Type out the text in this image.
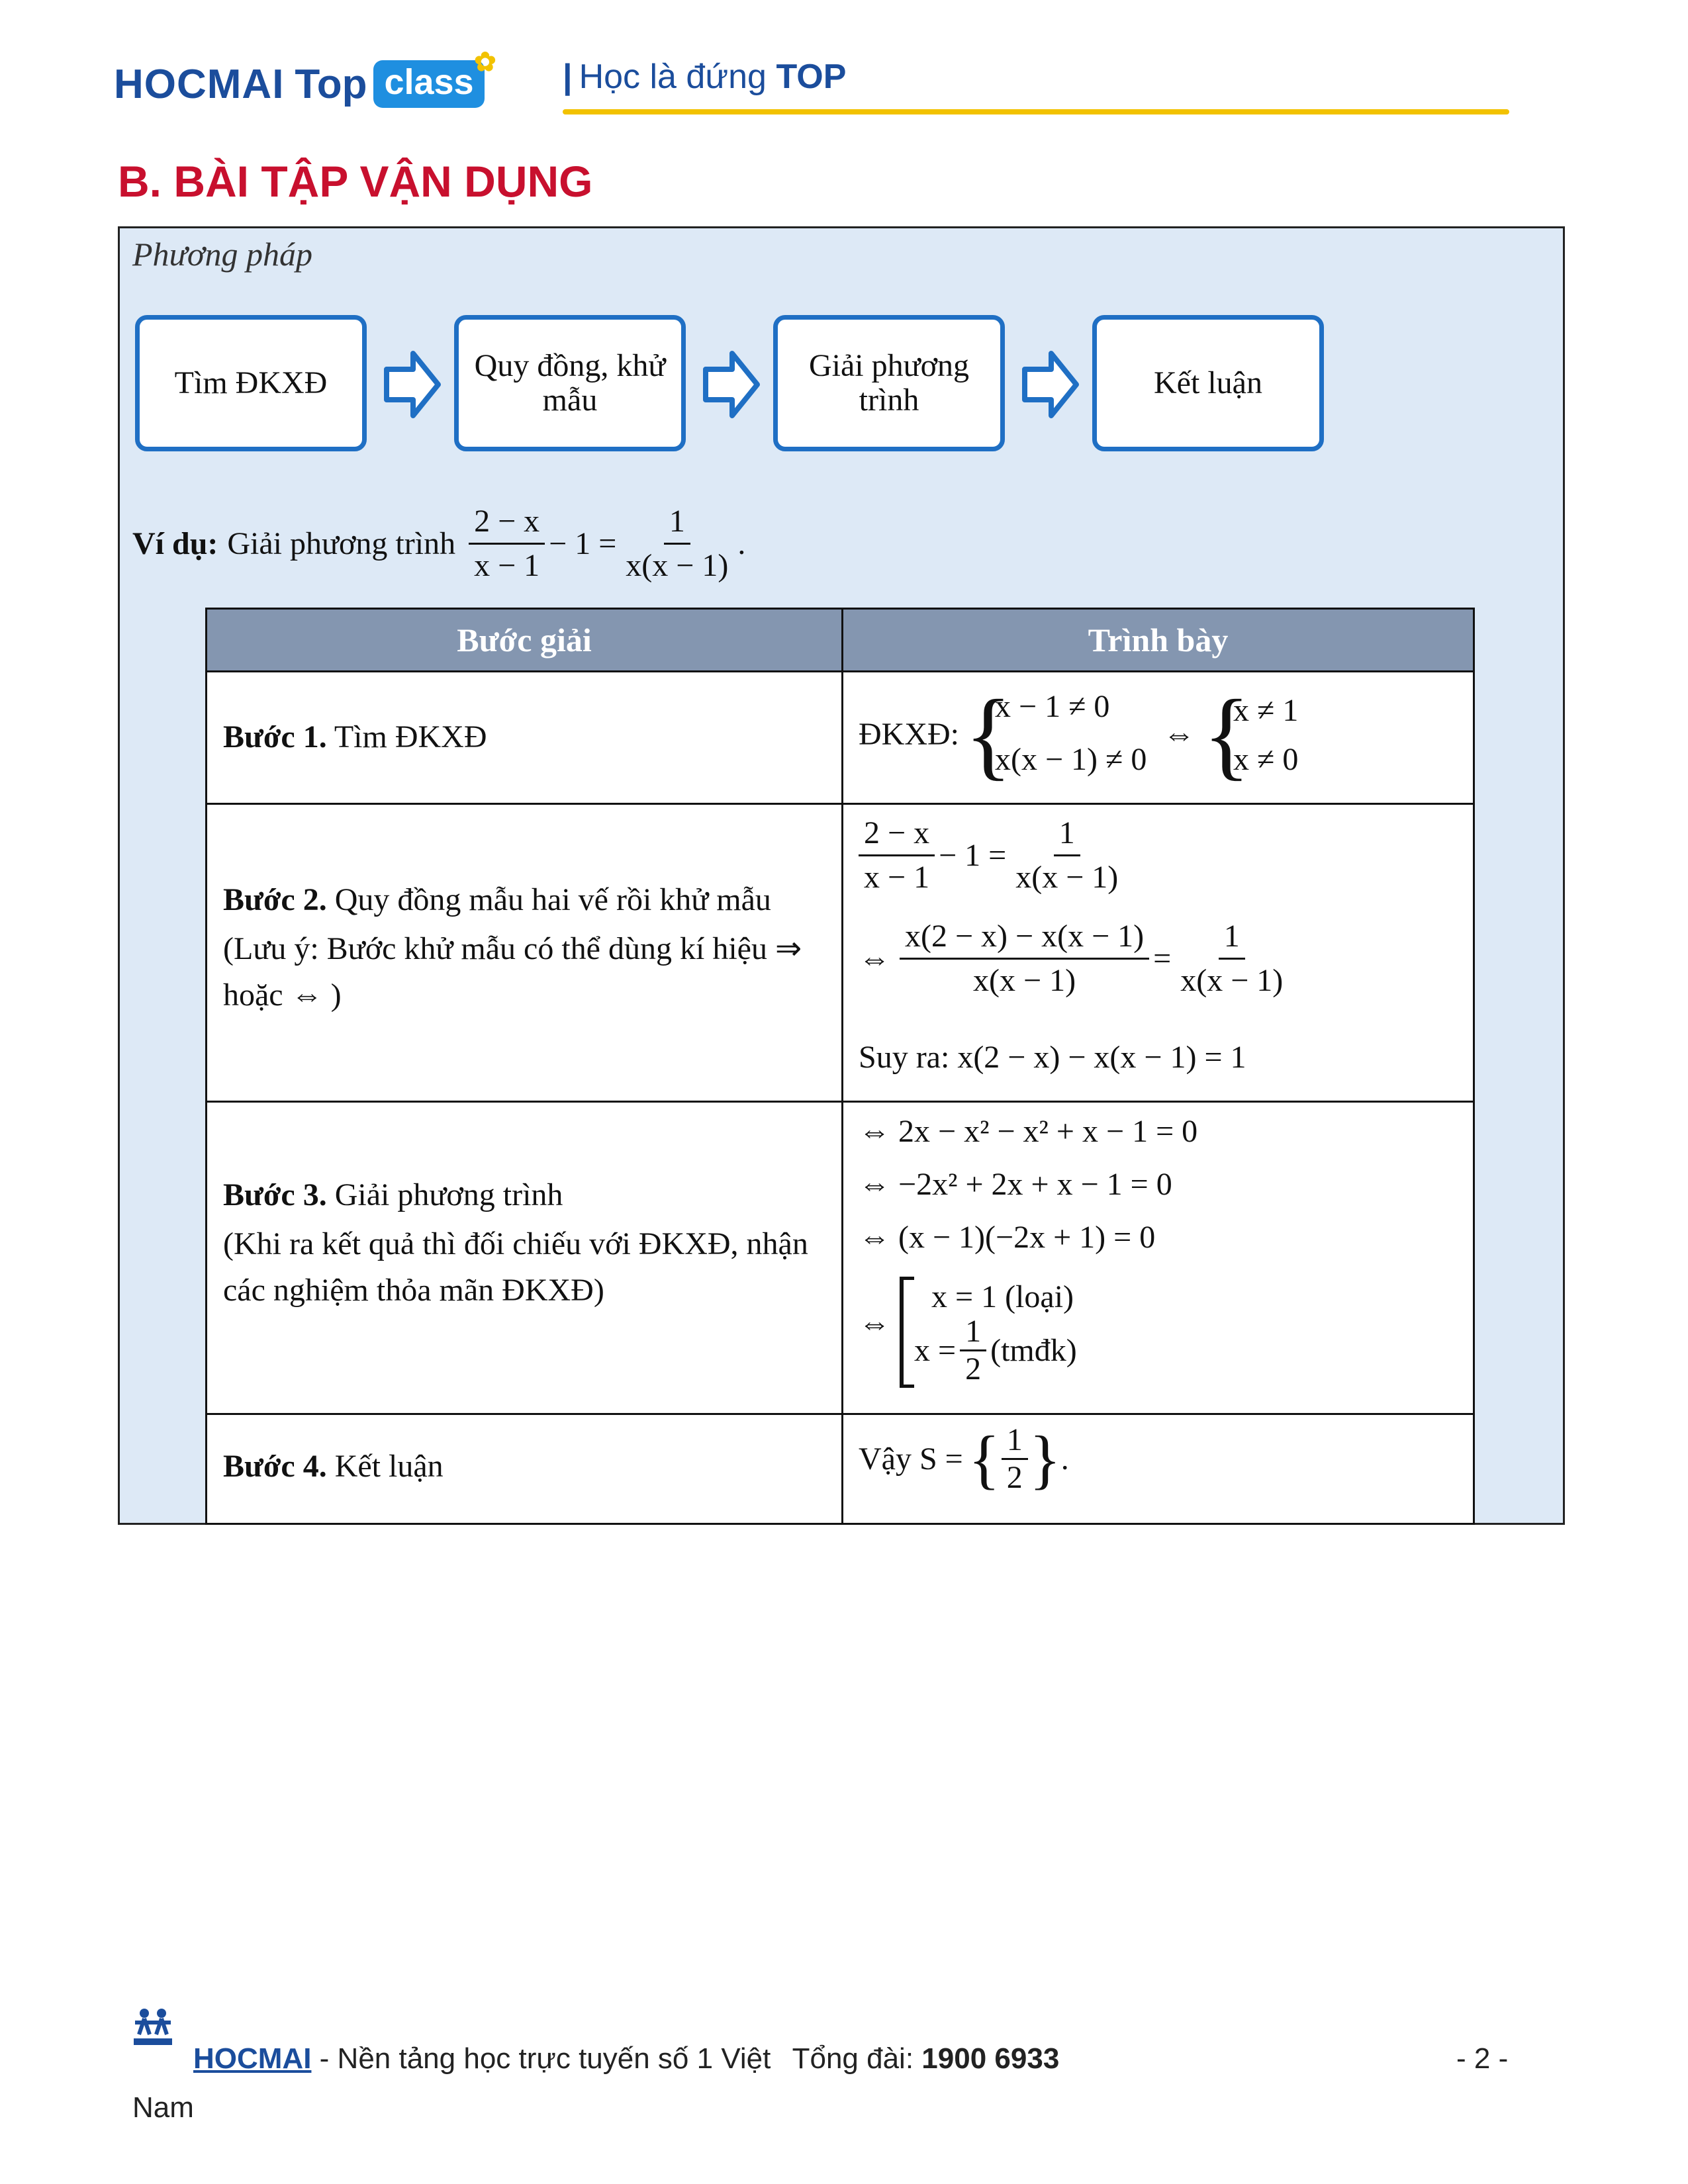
HOCMAI Top class ✿ | Học là đứng TOP
B. BÀI TẬP VẬN DỤNG
Phương pháp
Tìm ĐKXĐ	Quy đồng, khử mẫu
Giải phương trình	Kết luận
Ví dụ: Giải phương trình $\frac{2 - x}{x - 1} - 1 = \frac{1}{x(x - 1)}$ .
Bước giải	Trình bày
Bước 1. Tìm ĐKXĐ	ĐKXĐ: {
x − 1 ≠ 0
x(x − 1) ≠ 0
⇔ {
x ≠ 1
x ≠ 0
Bước 2. Quy đồng mẫu hai vế rồi khử mẫu
(Lưu ý: Bước khử mẫu có thể dùng kí hiệu ⇒ hoặc ⇔ )
$\frac{2 - x}{x - 1} - 1 = \frac{1}{x(x - 1)}$
⇔ $\frac{x(2 - x) - x(x - 1)}{x(x - 1)} = \frac{1}{x(x - 1)}$
Suy ra: x(2 − x) − x(x − 1) = 1
Bước 3. Giải phương trình
(Khi ra kết quả thì đối chiếu với ĐKXĐ, nhận các nghiệm thỏa mãn ĐKXĐ)
⇔ 2x − x² − x² + x − 1 = 0
⇔ −2x² + 2x + x − 1 = 0
⇔ (x − 1)(−2x + 1) = 0
⇔
x = 1 (loại)
$x = \frac{1}{2}$ (tmđk)
Bước 4. Kết luận	Vậy S = { $\frac{1}{2}$ } .
HOCMAI - Nền tảng học trực tuyến số 1 Việt Tổng đài: 1900 6933
Nam
- 2 -
